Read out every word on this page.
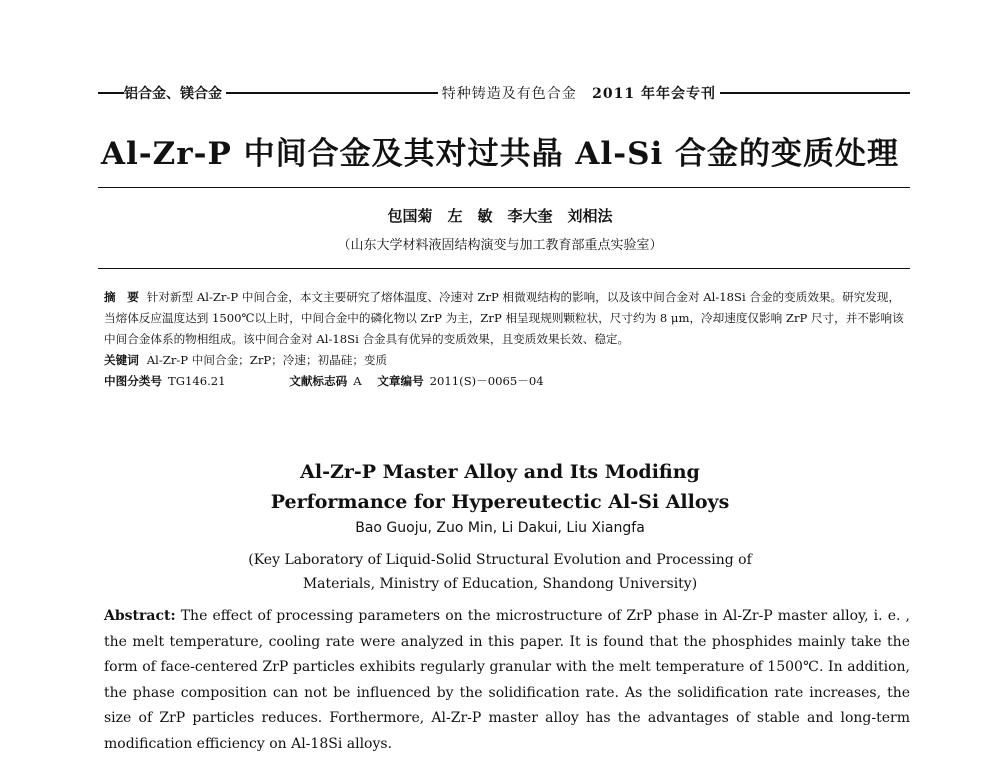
铝合金、镁合金	特种铸造及有色合金 2011 年年会专刊
Al-Zr-P 中间合金及其对过共晶 Al-Si 合金的变质处理
包国菊　左　敏　李大奎　刘相法
（山东大学材料液固结构演变与加工教育部重点实验室）

摘　要 针对新型 Al-Zr-P 中间合金，本文主要研究了熔体温度、冷速对 ZrP 相微观结构的影响，以及该中间合金对 Al-18Si 合金的变质效果。研究发现，当熔体反应温度达到 1500℃以上时，中间合金中的磷化物以 ZrP 为主，ZrP 相呈现规则颗粒状，尺寸约为 8 μm，冷却速度仅影响 ZrP 尺寸，并不影响该中间合金体系的物相组成。该中间合金对 Al-18Si 合金具有优异的变质效果，且变质效果长效、稳定。

关键词 Al-Zr-P 中间合金；ZrP；冷速；初晶硅；变质

中图分类号 TG146.21	文献标志码 A 文章编号 2011(S)－0065－04

Al-Zr-P Master Alloy and Its Modifing
Performance for Hypereutectic Al-Si Alloys
Bao Guoju, Zuo Min, Li Dakui, Liu Xiangfa
(Key Laboratory of Liquid-Solid Structural Evolution and Processing of
Materials, Ministry of Education, Shandong University)

Abstract: The effect of processing parameters on the microstructure of ZrP phase in Al-Zr-P master alloy, i. e. , the melt temperature, cooling rate were analyzed in this paper. It is found that the phosphides mainly take the form of face-centered ZrP particles exhibits regularly granular with the melt temperature of 1500℃. In addition, the phase composition can not be influenced by the solidification rate. As the solidification rate increases, the size of ZrP particles reduces. Forthermore, Al-Zr-P master alloy has the advantages of stable and long-term modification efficiency on Al-18Si alloys.
